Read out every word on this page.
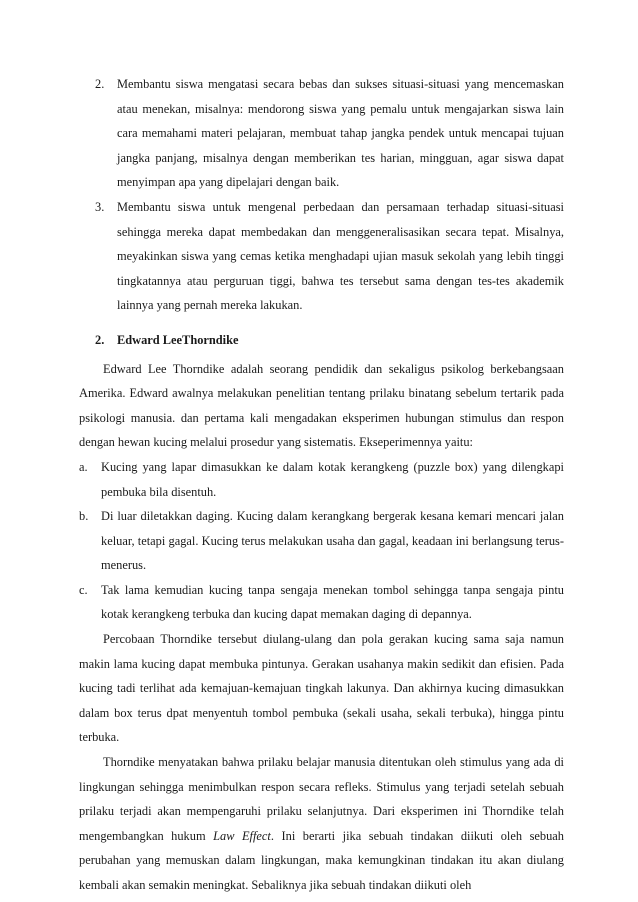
2. Membantu siswa mengatasi secara bebas dan sukses situasi-situasi yang mencemaskan atau menekan, misalnya: mendorong siswa yang pemalu untuk mengajarkan siswa lain cara memahami materi pelajaran, membuat tahap jangka pendek untuk mencapai tujuan jangka panjang, misalnya dengan memberikan tes harian, mingguan, agar siswa dapat menyimpan apa yang dipelajari dengan baik.
3. Membantu siswa untuk mengenal perbedaan dan persamaan terhadap situasi-situasi sehingga mereka dapat membedakan dan menggeneralisasikan secara tepat. Misalnya, meyakinkan siswa yang cemas ketika menghadapi ujian masuk sekolah yang lebih tinggi tingkatannya atau perguruan tiggi, bahwa tes tersebut sama dengan tes-tes akademik lainnya yang pernah mereka lakukan.
2. Edward LeeThorndike

Edward Lee Thorndike adalah seorang pendidik dan sekaligus psikolog berkebangsaan Amerika. Edward awalnya melakukan penelitian tentang prilaku binatang sebelum tertarik pada psikologi manusia. dan pertama kali mengadakan eksperimen hubungan stimulus dan respon dengan hewan kucing melalui prosedur yang sistematis. Ekseperimennya yaitu:

a. Kucing yang lapar dimasukkan ke dalam kotak kerangkeng (puzzle box) yang dilengkapi pembuka bila disentuh.
b. Di luar diletakkan daging. Kucing dalam kerangkang bergerak kesana kemari mencari jalan keluar, tetapi gagal. Kucing terus melakukan usaha dan gagal, keadaan ini berlangsung terus-menerus.
c. Tak lama kemudian kucing tanpa sengaja menekan tombol sehingga tanpa sengaja pintu kotak kerangkeng terbuka dan kucing dapat memakan daging di depannya.

Percobaan Thorndike tersebut diulang-ulang dan pola gerakan kucing sama saja namun makin lama kucing dapat membuka pintunya. Gerakan usahanya makin sedikit dan efisien. Pada kucing tadi terlihat ada kemajuan-kemajuan tingkah lakunya. Dan akhirnya kucing dimasukkan dalam box terus dpat menyentuh tombol pembuka (sekali usaha, sekali terbuka), hingga pintu terbuka.

Thorndike menyatakan bahwa prilaku belajar manusia ditentukan oleh stimulus yang ada di lingkungan sehingga menimbulkan respon secara refleks. Stimulus yang terjadi setelah sebuah prilaku terjadi akan mempengaruhi prilaku selanjutnya. Dari eksperimen ini Thorndike telah mengembangkan hukum Law Effect. Ini berarti jika sebuah tindakan diikuti oleh sebuah perubahan yang memuskan dalam lingkungan, maka kemungkinan tindakan itu akan diulang kembali akan semakin meningkat. Sebaliknya jika sebuah tindakan diikuti oleh
